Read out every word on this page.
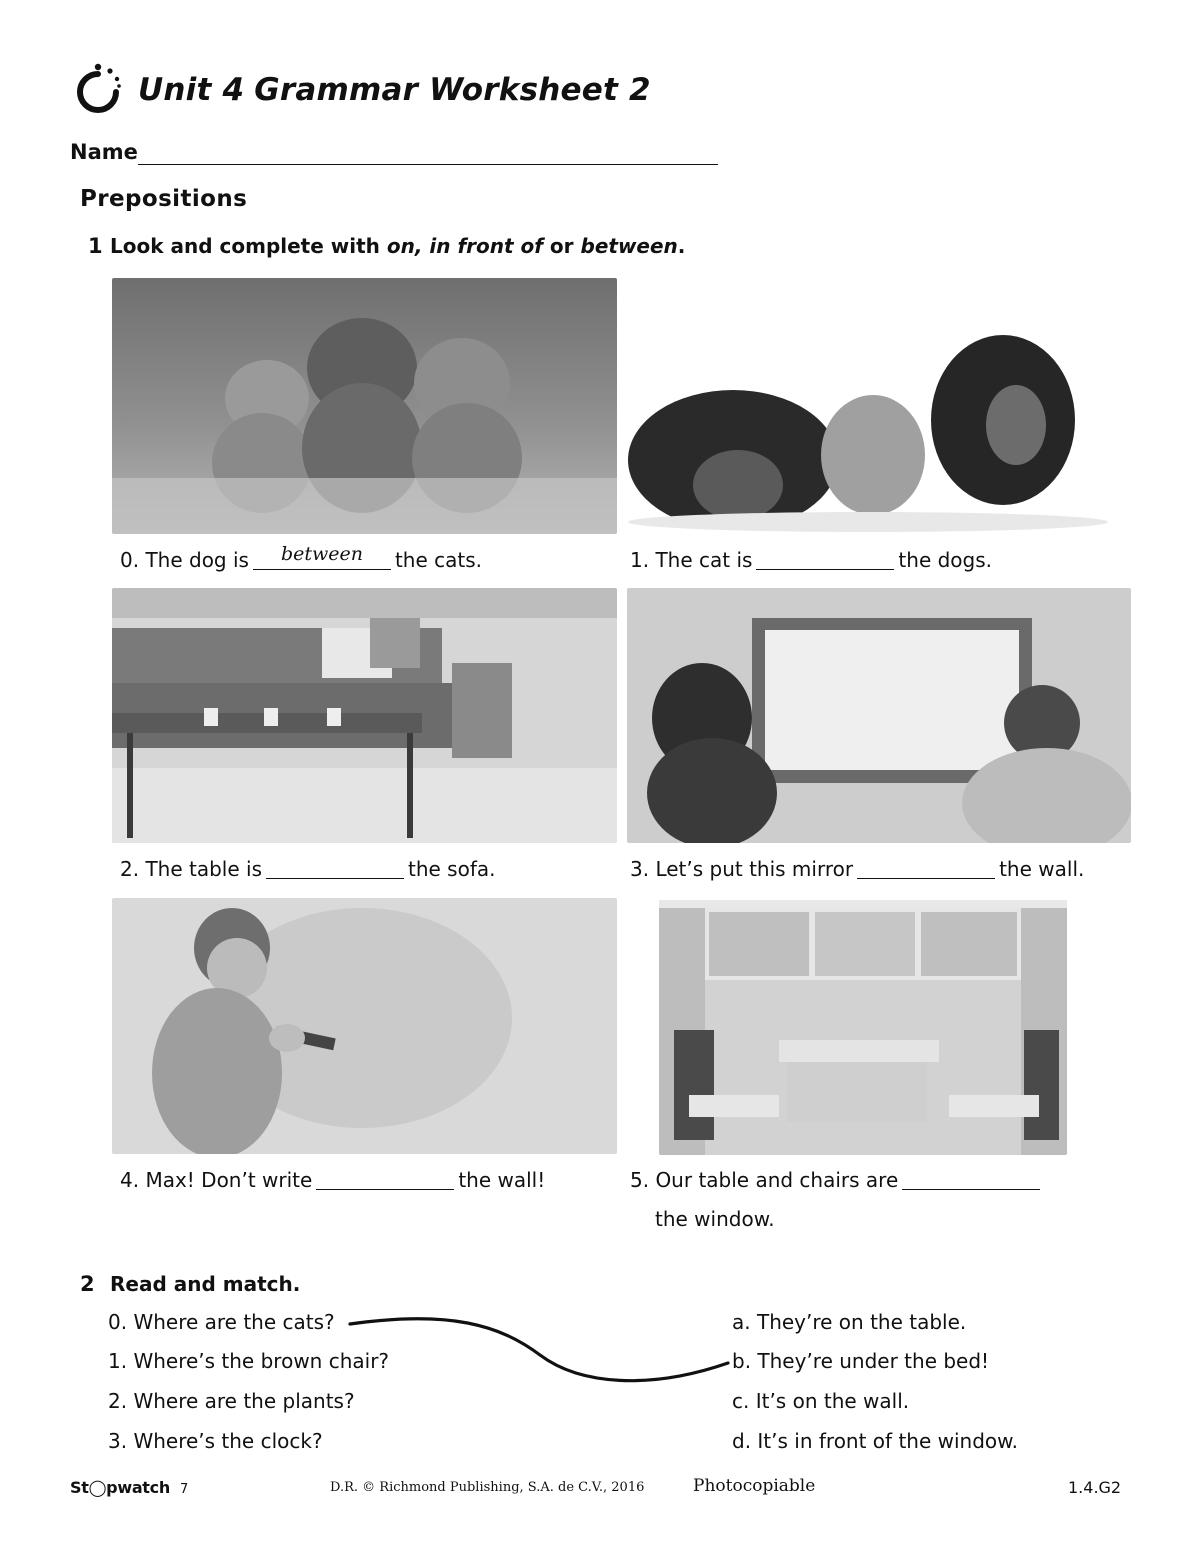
Unit 4 Grammar Worksheet 2
Name
Prepositions
1 Look and complete with on, in front of or between.
0. The dog is	between	the cats.	1. The cat is	the dogs.
2. The table is	the sofa.	3. Let’s put this mirror	the wall.
4. Max! Don’t write	the wall!	5. Our table and chairs are
the window.
2 Read and match.
0. Where are the cats?
1. Where’s the brown chair?
2. Where are the plants?
3. Where’s the clock?
a. They’re on the table.
b. They’re under the bed!
c. It’s on the wall.
d. It’s in front of the window.
St◯pwatch 7	D.R. © Richmond Publishing, S.A. de C.V., 2016	Photocopiable	1.4.G2
